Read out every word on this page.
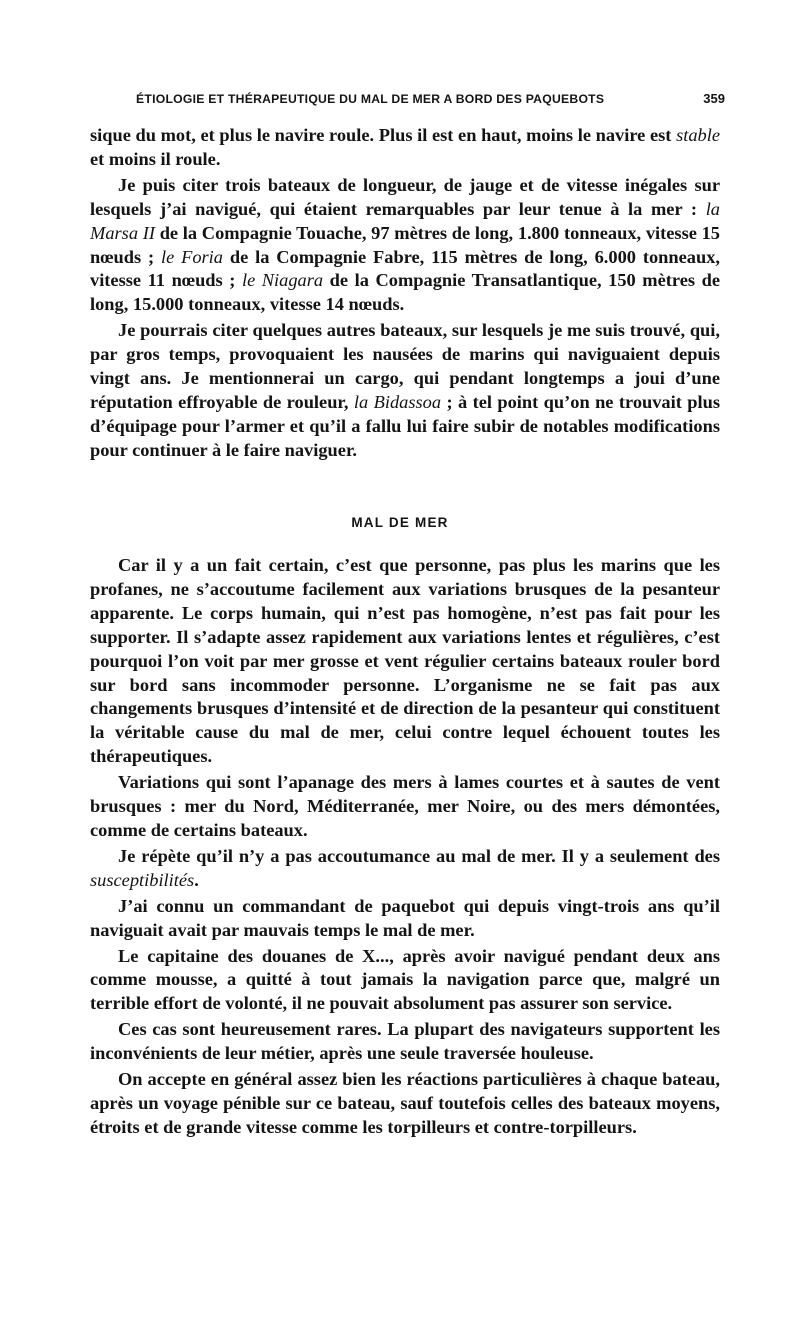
ÉTIOLOGIE ET THÉRAPEUTIQUE DU MAL DE MER A BORD DES PAQUEBOTS	359

sique du mot, et plus le navire roule. Plus il est en haut, moins le navire est stable et moins il roule.

Je puis citer trois bateaux de longueur, de jauge et de vitesse inégales sur lesquels j’ai navigué, qui étaient remarquables par leur tenue à la mer : la Marsa II de la Compagnie Touache, 97 mètres de long, 1.800 tonneaux, vitesse 15 nœuds ; le Foria de la Compagnie Fabre, 115 mètres de long, 6.000 tonneaux, vitesse 11 nœuds ; le Niagara de la Compagnie Transatlantique, 150 mètres de long, 15.000 tonneaux, vitesse 14 nœuds.

Je pourrais citer quelques autres bateaux, sur lesquels je me suis trouvé, qui, par gros temps, provoquaient les nausées de marins qui naviguaient depuis vingt ans. Je mentionnerai un cargo, qui pendant longtemps a joui d’une réputation effroyable de rouleur, la Bidassoa ; à tel point qu’on ne trouvait plus d’équipage pour l’armer et qu’il a fallu lui faire subir de notables modifications pour continuer à le faire naviguer.

MAL DE MER

Car il y a un fait certain, c’est que personne, pas plus les marins que les profanes, ne s’accoutume facilement aux variations brusques de la pesanteur apparente. Le corps humain, qui n’est pas homogène, n’est pas fait pour les supporter. Il s’adapte assez rapidement aux variations lentes et régulières, c’est pourquoi l’on voit par mer grosse et vent régulier certains bateaux rouler bord sur bord sans incommoder personne. L’organisme ne se fait pas aux changements brusques d’intensité et de direction de la pesanteur qui constituent la véritable cause du mal de mer, celui contre lequel échouent toutes les thérapeutiques.

Variations qui sont l’apanage des mers à lames courtes et à sautes de vent brusques : mer du Nord, Méditerranée, mer Noire, ou des mers démontées, comme de certains bateaux.

Je répète qu’il n’y a pas accoutumance au mal de mer. Il y a seulement des susceptibilités.

J’ai connu un commandant de paquebot qui depuis vingt-trois ans qu’il naviguait avait par mauvais temps le mal de mer.

Le capitaine des douanes de X..., après avoir navigué pendant deux ans comme mousse, a quitté à tout jamais la navigation parce que, malgré un terrible effort de volonté, il ne pouvait absolument pas assurer son service.

Ces cas sont heureusement rares. La plupart des navigateurs supportent les inconvénients de leur métier, après une seule traversée houleuse.

On accepte en général assez bien les réactions particulières à chaque bateau, après un voyage pénible sur ce bateau, sauf toutefois celles des bateaux moyens, étroits et de grande vitesse comme les torpilleurs et contre-torpilleurs.
